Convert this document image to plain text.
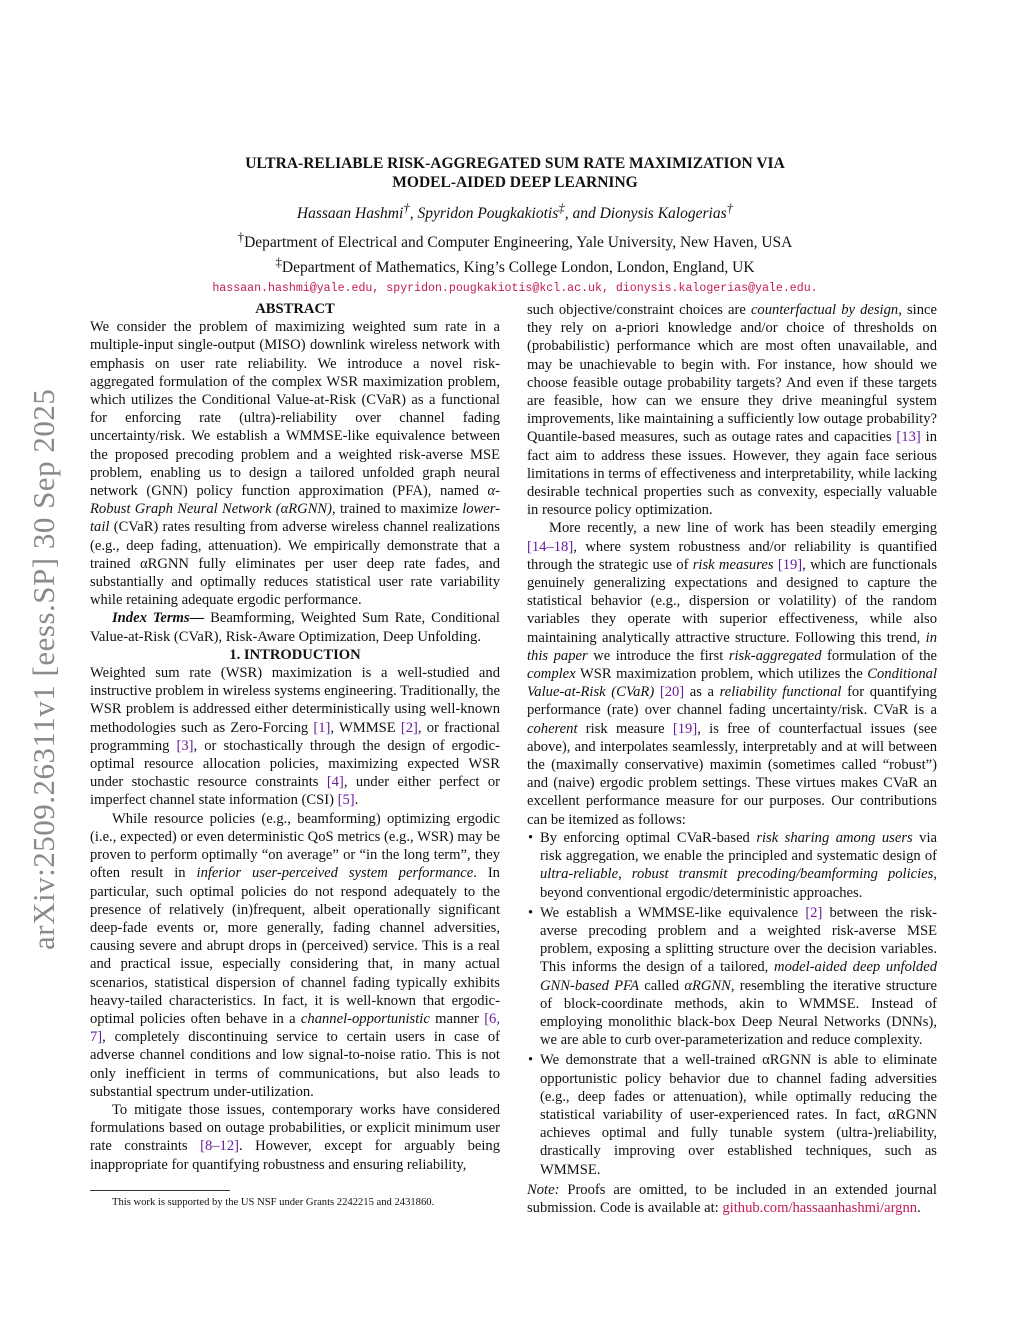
arXiv:2509.26311v1 [eess.SP] 30 Sep 2025

ULTRA-RELIABLE RISK-AGGREGATED SUM RATE MAXIMIZATION VIA
MODEL-AIDED DEEP LEARNING

Hassaan Hashmi†, Spyridon Pougkakiotis‡, and Dionysis Kalogerias†
†Department of Electrical and Computer Engineering, Yale University, New Haven, USA
‡Department of Mathematics, King’s College London, London, England, UK
hassaan.hashmi@yale.edu, spyridon.pougkakiotis@kcl.ac.uk, dionysis.kalogerias@yale.edu.

ABSTRACT

We consider the problem of maximizing weighted sum rate in a multiple-input single-output (MISO) downlink wireless network with emphasis on user rate reliability. We introduce a novel risk-aggregated formulation of the complex WSR maximization problem, which utilizes the Conditional Value-at-Risk (CVaR) as a functional for enforcing rate (ultra)-reliability over channel fading uncertainty/risk. We establish a WMMSE-like equivalence between the proposed precoding problem and a weighted risk-averse MSE problem, enabling us to design a tailored unfolded graph neural network (GNN) policy function approximation (PFA), named α-Robust Graph Neural Network (αRGNN), trained to maximize lower-tail (CVaR) rates resulting from adverse wireless channel realizations (e.g., deep fading, attenuation). We empirically demonstrate that a trained αRGNN fully eliminates per user deep rate fades, and substantially and optimally reduces statistical user rate variability while retaining adequate ergodic performance.

Index Terms— Beamforming, Weighted Sum Rate, Conditional Value-at-Risk (CVaR), Risk-Aware Optimization, Deep Unfolding.

1. INTRODUCTION

Weighted sum rate (WSR) maximization is a well-studied and instructive problem in wireless systems engineering. Traditionally, the WSR problem is addressed either deterministically using well-known methodologies such as Zero-Forcing [1], WMMSE [2], or fractional programming [3], or stochastically through the design of ergodic-optimal resource allocation policies, maximizing expected WSR under stochastic resource constraints [4], under either perfect or imperfect channel state information (CSI) [5].

While resource policies (e.g., beamforming) optimizing ergodic (i.e., expected) or even deterministic QoS metrics (e.g., WSR) may be proven to perform optimally “on average” or “in the long term”, they often result in inferior user-perceived system performance. In particular, such optimal policies do not respond adequately to the presence of relatively (in)frequent, albeit operationally significant deep-fade events or, more generally, fading channel adversities, causing severe and abrupt drops in (perceived) service. This is a real and practical issue, especially considering that, in many actual scenarios, statistical dispersion of channel fading typically exhibits heavy-tailed characteristics. In fact, it is well-known that ergodic-optimal policies often behave in a channel-opportunistic manner [6, 7], completely discontinuing service to certain users in case of adverse channel conditions and low signal-to-noise ratio. This is not only inefficient in terms of communications, but also leads to substantial spectrum under-utilization.

To mitigate those issues, contemporary works have considered formulations based on outage probabilities, or explicit minimum user rate constraints [8–12]. However, except for arguably being inappropriate for quantifying robustness and ensuring reliability,

such objective/constraint choices are counterfactual by design, since they rely on a-priori knowledge and/or choice of thresholds on (probabilistic) performance which are most often unavailable, and may be unachievable to begin with. For instance, how should we choose feasible outage probability targets? And even if these targets are feasible, how can we ensure they drive meaningful system improvements, like maintaining a sufficiently low outage probability? Quantile-based measures, such as outage rates and capacities [13] in fact aim to address these issues. However, they again face serious limitations in terms of effectiveness and interpretability, while lacking desirable technical properties such as convexity, especially valuable in resource policy optimization.

More recently, a new line of work has been steadily emerging [14–18], where system robustness and/or reliability is quantified through the strategic use of risk measures [19], which are functionals genuinely generalizing expectations and designed to capture the statistical behavior (e.g., dispersion or volatility) of the random variables they operate with superior effectiveness, while also maintaining analytically attractive structure. Following this trend, in this paper we introduce the first risk-aggregated formulation of the complex WSR maximization problem, which utilizes the Conditional Value-at-Risk (CVaR) [20] as a reliability functional for quantifying performance (rate) over channel fading uncertainty/risk. CVaR is a coherent risk measure [19], is free of counterfactual issues (see above), and interpolates seamlessly, interpretably and at will between the (maximally conservative) maximin (sometimes called “robust”) and (naive) ergodic problem settings. These virtues makes CVaR an excellent performance measure for our purposes. Our contributions can be itemized as follows:

• By enforcing optimal CVaR-based risk sharing among users via risk aggregation, we enable the principled and systematic design of ultra-reliable, robust transmit precoding/beamforming policies, beyond conventional ergodic/deterministic approaches.
• We establish a WMMSE-like equivalence [2] between the risk-averse precoding problem and a weighted risk-averse MSE problem, exposing a splitting structure over the decision variables. This informs the design of a tailored, model-aided deep unfolded GNN-based PFA called αRGNN, resembling the iterative structure of block-coordinate methods, akin to WMMSE. Instead of employing monolithic black-box Deep Neural Networks (DNNs), we are able to curb over-parameterization and reduce complexity.
• We demonstrate that a well-trained αRGNN is able to eliminate opportunistic policy behavior due to channel fading adversities (e.g., deep fades or attenuation), while optimally reducing the statistical variability of user-experienced rates. In fact, αRGNN achieves optimal and fully tunable system (ultra-)reliability, drastically improving over established techniques, such as WMMSE.

Note: Proofs are omitted, to be included in an extended journal submission. Code is available at: github.com/hassaanhashmi/argnn.

This work is supported by the US NSF under Grants 2242215 and 2431860.
